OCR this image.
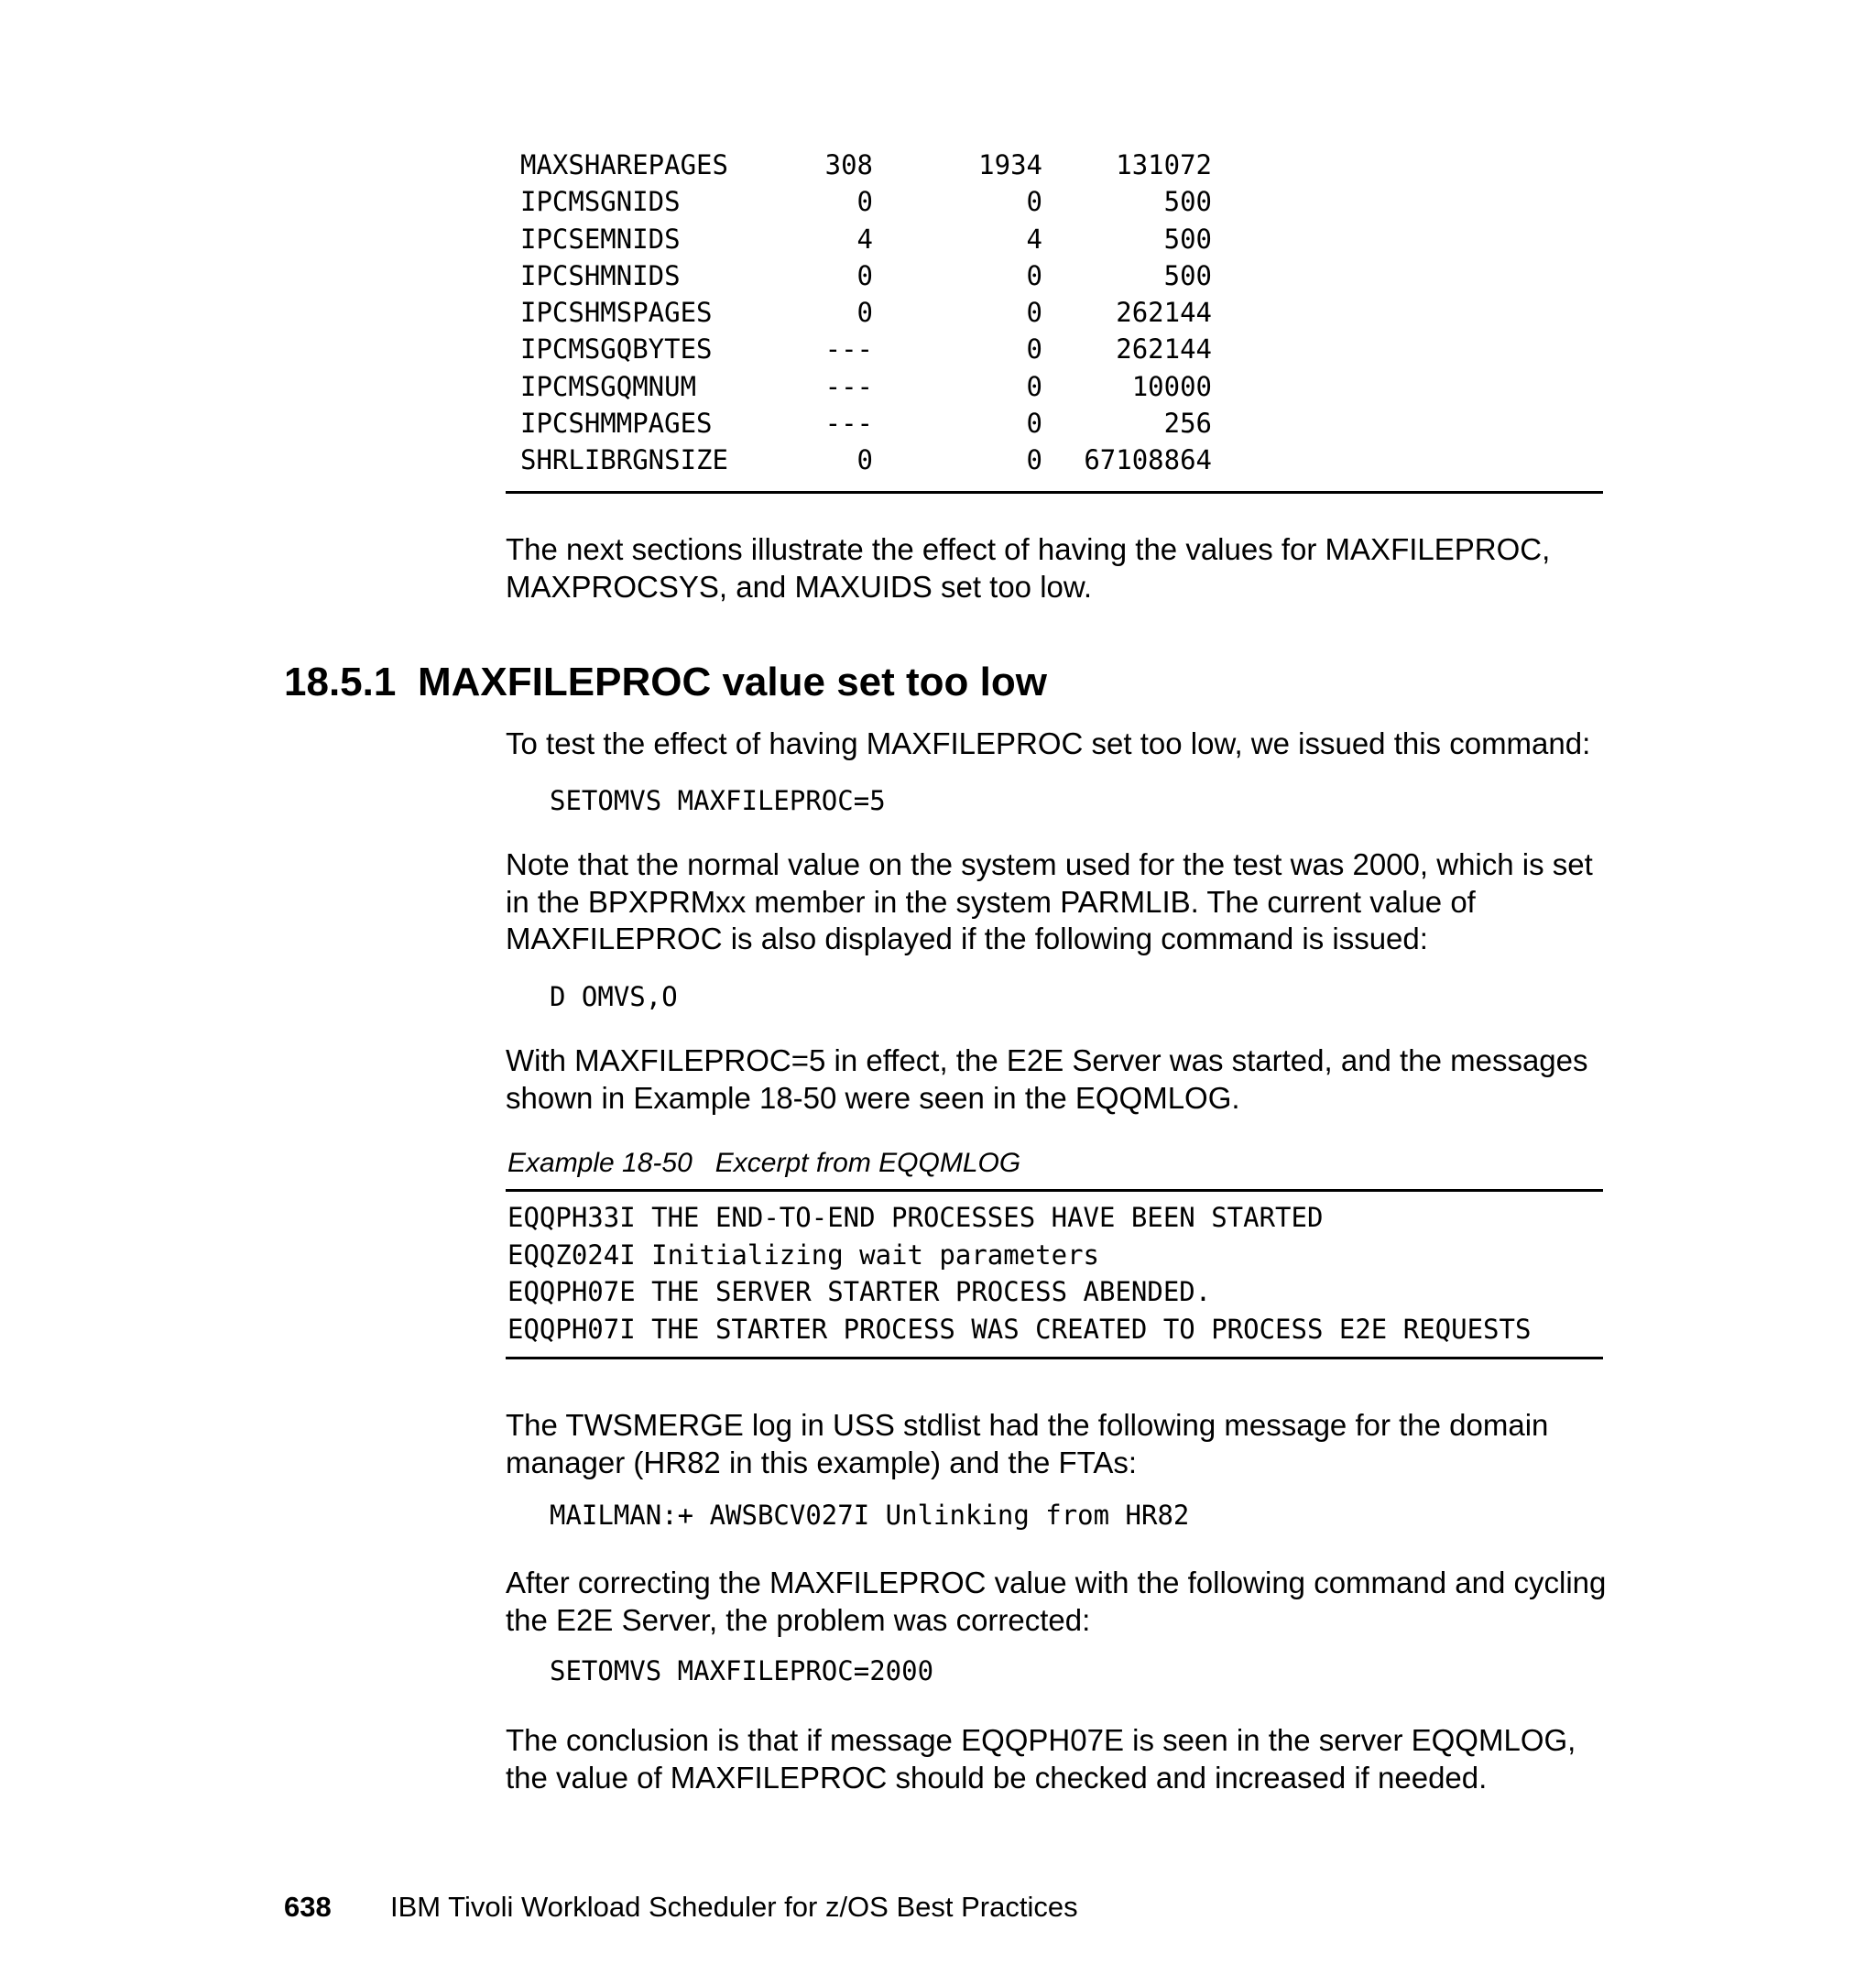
MAXSHAREPAGES	308	1934	131072
IPCMSGNIDS	0	0	500
IPCSEMNIDS	4	4	500
IPCSHMNIDS	0	0	500
IPCSHMSPAGES	0	0	262144
IPCMSGQBYTES	---	0	262144
IPCMSGQMNUM	---	0	10000
IPCSHMMPAGES	---	0	256
SHRLIBRGNSIZE	0	0	67108864

The next sections illustrate the effect of having the values for MAXFILEPROC, MAXPROCSYS, and MAXUIDS set too low.

18.5.1 MAXFILEPROC value set too low

To test the effect of having MAXFILEPROC set too low, we issued this command:

SETOMVS MAXFILEPROC=5

Note that the normal value on the system used for the test was 2000, which is set in the BPXPRMxx member in the system PARMLIB. The current value of MAXFILEPROC is also displayed if the following command is issued:

D OMVS,O

With MAXFILEPROC=5 in effect, the E2E Server was started, and the messages shown in Example 18-50 were seen in the EQQMLOG.

Example 18-50   Excerpt from EQQMLOG
EQQPH33I THE END-TO-END PROCESSES HAVE BEEN STARTED
EQQZ024I Initializing wait parameters
EQQPH07E THE SERVER STARTER PROCESS ABENDED.
EQQPH07I THE STARTER PROCESS WAS CREATED TO PROCESS E2E REQUESTS

The TWSMERGE log in USS stdlist had the following message for the domain manager (HR82 in this example) and the FTAs:

MAILMAN:+ AWSBCV027I Unlinking from HR82

After correcting the MAXFILEPROC value with the following command and cycling the E2E Server, the problem was corrected:

SETOMVS MAXFILEPROC=2000

The conclusion is that if message EQQPH07E is seen in the server EQQMLOG, the value of MAXFILEPROC should be checked and increased if needed.

638 IBM Tivoli Workload Scheduler for z/OS Best Practices
